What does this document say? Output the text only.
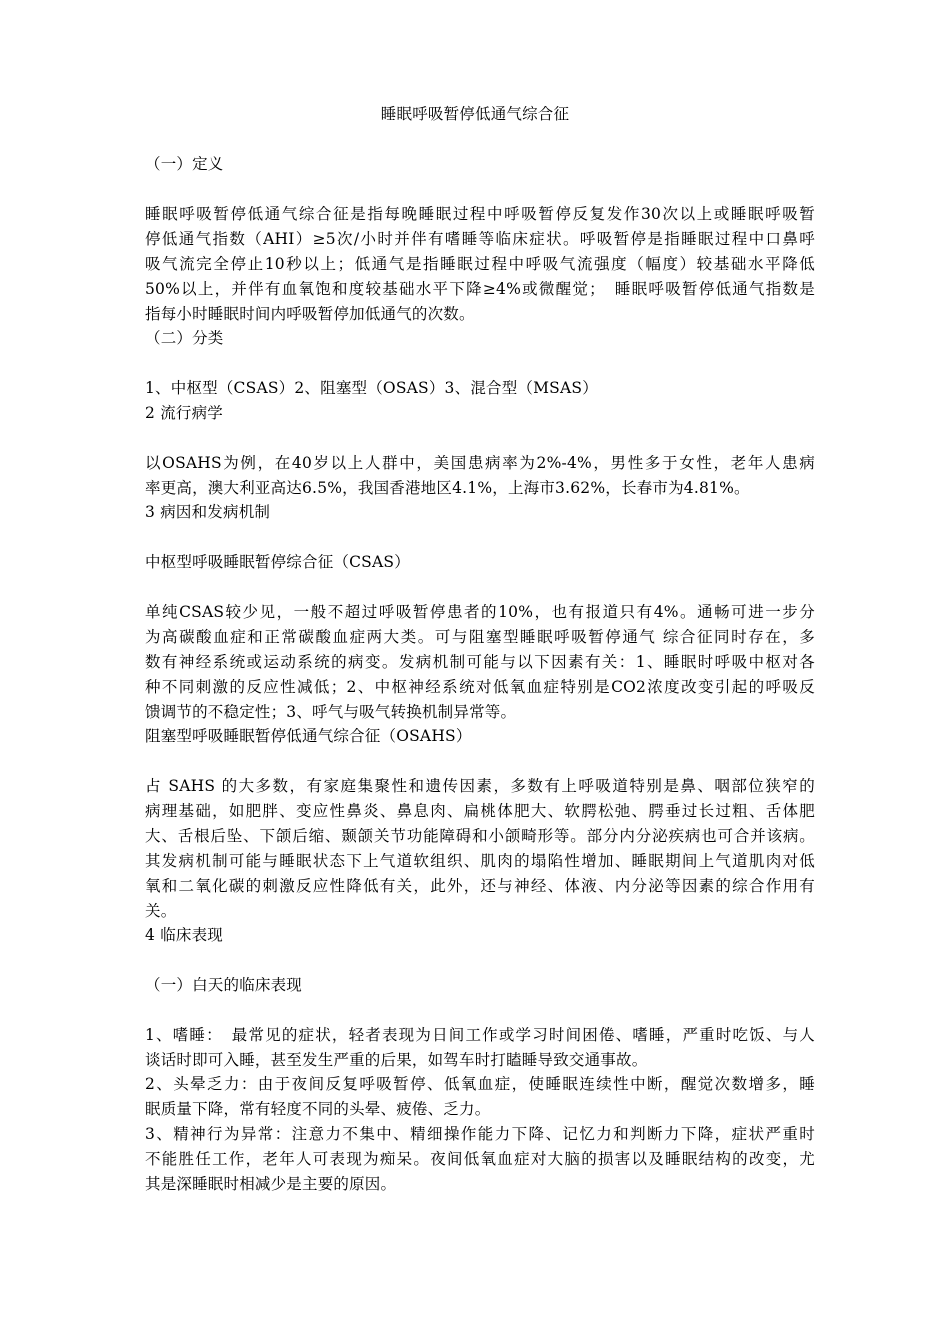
睡眠呼吸暂停低通气综合征
（一）定义
睡眠呼吸暂停低通气综合征是指每晚睡眠过程中呼吸暂停反复发作30次以上或睡眠呼吸暂
停低通气指数（AHI）≥5次/小时并伴有嗜睡等临床症状。呼吸暂停是指睡眠过程中口鼻呼
吸气流完全停止10秒以上；低通气是指睡眠过程中呼吸气流强度（幅度）较基础水平降低
50%以上，并伴有血氧饱和度较基础水平下降≥4%或微醒觉；　睡眠呼吸暂停低通气指数是
指每小时睡眠时间内呼吸暂停加低通气的次数。
（二）分类
1、中枢型（CSAS）2、阻塞型（OSAS）3、混合型（MSAS）
2 流行病学
以OSAHS为例，在40岁以上人群中，美国患病率为2%-4%，男性多于女性，老年人患病
率更高，澳大利亚高达6.5%，我国香港地区4.1%，上海市3.62%，长春市为4.81%。
3 病因和发病机制
中枢型呼吸睡眠暂停综合征（CSAS）
单纯CSAS较少见，一般不超过呼吸暂停患者的10%，也有报道只有4%。通畅可进一步分
为高碳酸血症和正常碳酸血症两大类。可与阻塞型睡眠呼吸暂停通气 综合征同时存在，多
数有神经系统或运动系统的病变。发病机制可能与以下因素有关：1、睡眠时呼吸中枢对各
种不同刺激的反应性减低；2、中枢神经系统对低氧血症特别是CO2浓度改变引起的呼吸反
馈调节的不稳定性；3、呼气与吸气转换机制异常等。
阻塞型呼吸睡眠暂停低通气综合征（OSAHS）
占 SAHS 的大多数，有家庭集聚性和遗传因素，多数有上呼吸道特别是鼻、咽部位狭窄的
病理基础，如肥胖、变应性鼻炎、鼻息肉、扁桃体肥大、软腭松弛、腭垂过长过粗、舌体肥
大、舌根后坠、下颌后缩、颞颌关节功能障碍和小颌畸形等。部分内分泌疾病也可合并该病。
其发病机制可能与睡眠状态下上气道软组织、肌肉的塌陷性增加、睡眠期间上气道肌肉对低
氧和二氧化碳的刺激反应性降低有关，此外，还与神经、体液、内分泌等因素的综合作用有
关。
4 临床表现
（一）白天的临床表现
1、嗜睡：　最常见的症状，轻者表现为日间工作或学习时间困倦、嗜睡，严重时吃饭、与人
谈话时即可入睡，甚至发生严重的后果，如驾车时打瞌睡导致交通事故。
2、头晕乏力：由于夜间反复呼吸暂停、低氧血症，使睡眠连续性中断，醒觉次数增多，睡
眠质量下降，常有轻度不同的头晕、疲倦、乏力。
3、精神行为异常：注意力不集中、精细操作能力下降、记忆力和判断力下降，症状严重时
不能胜任工作，老年人可表现为痴呆。夜间低氧血症对大脑的损害以及睡眠结构的改变，尤
其是深睡眠时相减少是主要的原因。
